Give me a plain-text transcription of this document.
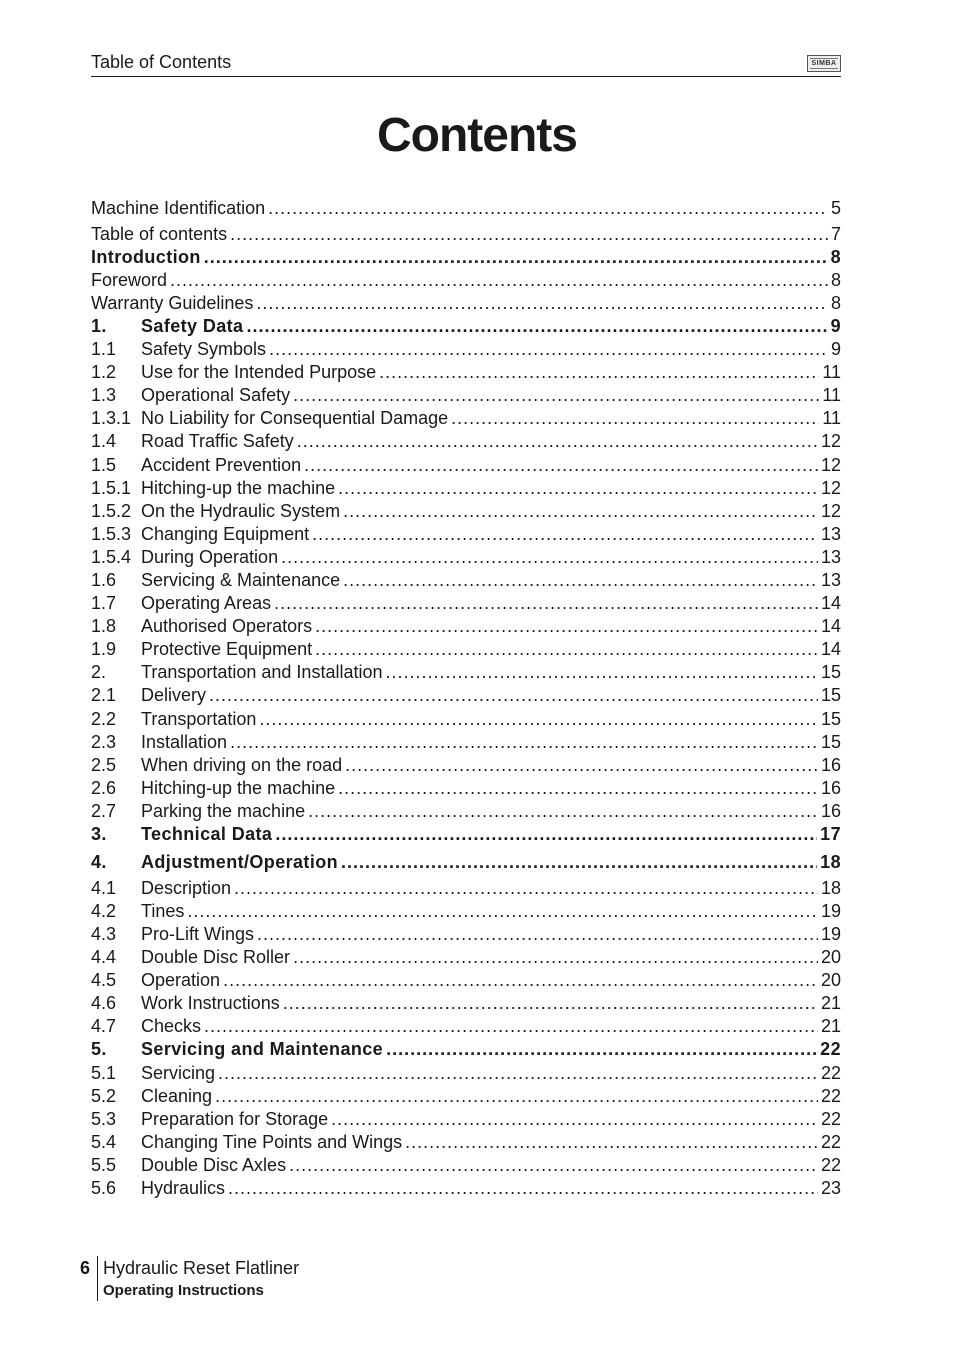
Table of Contents	SIMBA
Contents
Machine Identification .....	5
Table of contents .....	7
Introduction .....	8
Foreword .....	8
Warranty Guidelines .....	8
1.	Safety Data .....	9
1.1	Safety Symbols .....	9
1.2	Use for the Intended Purpose .....	11
1.3	Operational Safety .....	11
1.3.1 No Liability for Consequential Damage .....	11
1.4	Road Traffic Safety .....	12
1.5	Accident Prevention .....	12
1.5.1 Hitching-up the machine .....	12
1.5.2 On the Hydraulic System .....	12
1.5.3 Changing Equipment .....	13
1.5.4 During Operation .....	13
1.6	Servicing & Maintenance .....	13
1.7	Operating Areas .....	14
1.8	Authorised Operators .....	14
1.9	Protective Equipment .....	14
2.	Transportation and Installation .....	15
2.1	Delivery .....	15
2.2	Transportation .....	15
2.3	Installation .....	15
2.5	When driving on the road .....	16
2.6	Hitching-up the machine .....	16
2.7	Parking the machine .....	16
3.	Technical Data .....	17
4.	Adjustment/Operation .....	18
4.1	Description .....	18
4.2	Tines .....	19
4.3	Pro-Lift Wings .....	19
4.4	Double Disc Roller .....	20
4.5	Operation .....	20
4.6	Work Instructions .....	21
4.7	Checks .....	21
5.	Servicing and Maintenance .....	22
5.1	Servicing .....	22
5.2	Cleaning .....	22
5.3	Preparation for Storage .....	22
5.4	Changing Tine Points and Wings .....	22
5.5	Double Disc Axles .....	22
5.6	Hydraulics .....	23
6 Hydraulic Reset Flatliner
Operating Instructions
